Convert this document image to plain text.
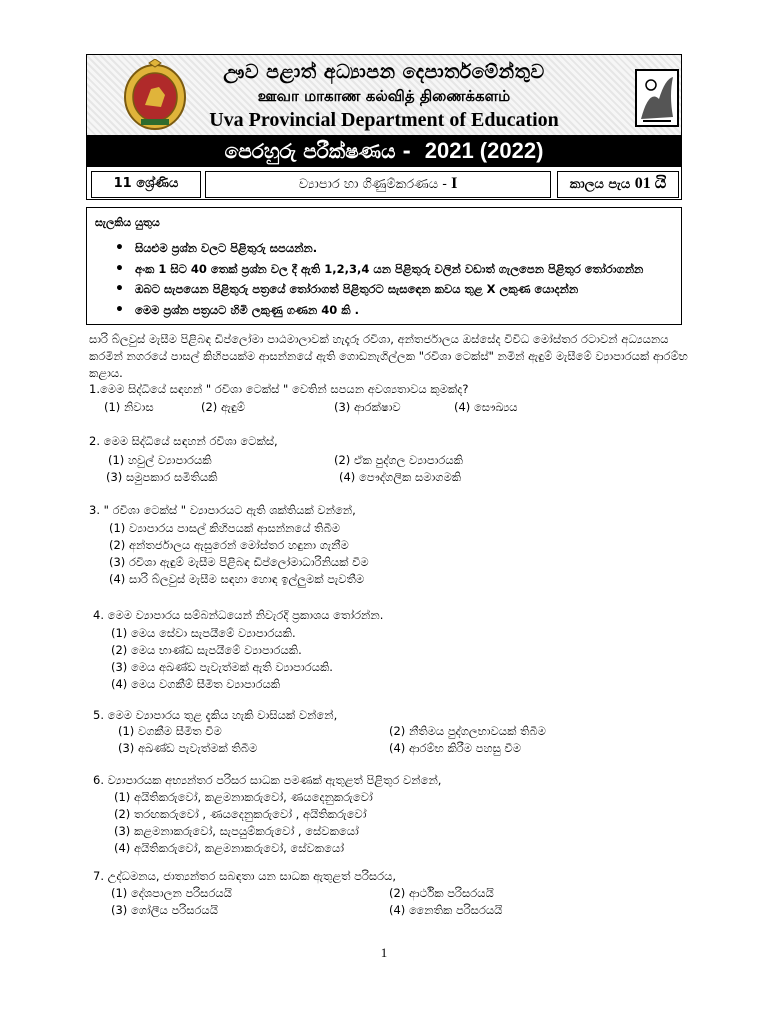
ඌව පළාත් අධ්‍යාපන දෙපාර්තමේන්තුව
ஊவா மாகாண கல்வித் திணைக்களம்
Uva Provincial Department of Education
පෙරහුරු පරීක්ෂණය - 2021 (2022)
11 ශ්‍රේණිය	ව්‍යාපාර හා ගිණුම්කරණය - I	කාලය පැය 01 යි
සැලකිය යුතුය
• සියළුම ප්‍රශ්න වලට පිළිතුරු සපයන්න.
• අංක 1 සිට 40 තෙක් ප්‍රශ්න වල දී ඇති 1,2,3,4 යන පිළිතුරු වලින් වඩාත් ගැලපෙන පිළිතුර තෝරාගන්න
• ඔබට සැපයෙන පිළිතුරු පත්‍රයේ තෝරාගත් පිළිතුරට සැසඳෙන කවය තුළ X ලකුණ යොදන්න
• මෙම ප්‍රශ්න පත්‍රයට හිමි ලකුණු ගණන 40 කි .
සාරි බ්ලවුස් මැසීම පිළිබඳ ඩිප්ලෝමා පාඨමාලාවක් හැදෑරූ රවිශා, අන්තර්ජාලය ඔස්සේද විවිධ මෝස්තර රටාවන් අධ්‍යයනය කරමින් නගරයේ පාසල් කිහිපයක්ම ආසන්නයේ ඇති ගොඩනැගිල්ලක "රවිශා ටෙක්ස්" නමින් ඇඳුම් මැසීමේ ව්‍යාපාරයක් ආරම්භ කළාය.
1.මෙම සිද්ධියේ සඳහන් " රවිශා ටෙක්ස් " වෙතින් සපයන අවශ්‍යතාවය කුමක්ද?
(1) නිවාස	(2) ඇඳුම්	(3) ආරක්ෂාව	(4) සෞඛ්‍යය
2. මෙම සිද්ධියේ සඳහන් රවිශා ටෙක්ස්,
(1) හවුල් ව්‍යාපාරයකි	(2) ඒක පුද්ගල ව්‍යාපාරයකි
(3) සමුපකාර සමිතියකි	(4) පෞද්ගලික සමාගමකි
3. " රවිශා ටෙක්ස් " ව්‍යාපාරයට ඇති ශක්තියක් වන්නේ,
(1) ව්‍යාපාරය පාසල් කිහිපයක් ආසන්නයේ තිබීම
(2) අන්තර්ජාලය ඇසුරෙන් මෝස්තර හඳුනා ගැනීම
(3) රවිශා ඇඳුම් මැසීම පිළිබඳ ඩිප්ලෝමාධාරිනියක් වීම
(4) සාරි බ්ලවුස් මැසීම සඳහා හොඳ ඉල්ලුමක් පැවතීම
4. මෙම ව්‍යාපාරය සම්බන්ධයෙන් නිවැරදි ප්‍රකාශය තෝරන්න.
(1) මෙය සේවා සැපයීමේ ව්‍යාපාරයකි.
(2) මෙය භාණ්ඩ සැපයීමේ ව්‍යාපාරයකි.
(3) මෙය අඛණ්ඩ පැවැත්මක් ඇති ව්‍යාපාරයකි.
(4) මෙය වගකීම් සීමිත ව්‍යාපාරයකි
5. මෙම ව්‍යාපාරය තුළ දැකිය හැකි වාසියක් වන්නේ,
(1) වගකීම සීමිත වීම	(2) නීතිමය පුද්ගලභාවයක් තිබීම
(3) අඛණ්ඩ පැවැත්මක් තිබීම	(4) ආරම්භ කිරීම පහසු වීම
6. ව්‍යාපාරයක අභ්‍යන්තර පරිසර සාධක පමණක් ඇතුළත් පිළිතුර වන්නේ,
(1) අයිතිකරුවෝ, කළමනාකරුවෝ, ණයදෙනුකරුවෝ
(2) තරඟකරුවෝ , ණයදෙනුකරුවෝ , අයිතිකරුවෝ
(3) කළමනාකරුවෝ, සැපයුම්කරුවෝ , සේවකයෝ
(4) අයිතිකරුවෝ, කළමනාකරුවෝ, සේවකයෝ
7. උද්ධමනය, ජාත්‍යන්තර සබඳතා යන සාධක ඇතුළත් පරිසරය,
(1) දේශපාලන පරිසරයයි	(2) ආර්ථික පරිසරයයි
(3) ගෝලීය පරිසරයයි	(4) නෛතික පරිසරයයි
1
